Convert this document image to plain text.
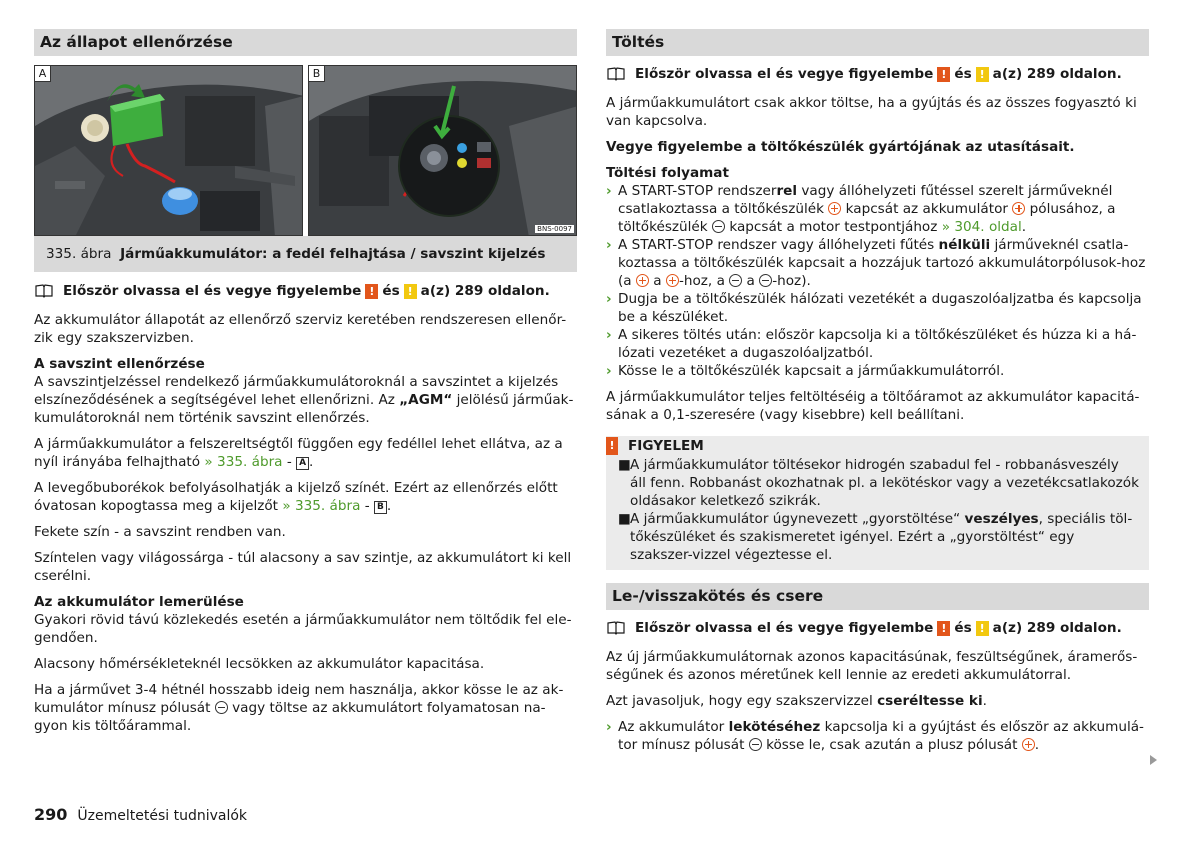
Az állapot ellenőrzése
A	B
BNS-0097
335. ábra Járműakkumulátor: a fedél felhajtása / savszint kijelzés
Először olvassa el és vegye figyelembe ! és ! a(z) 289 oldalon.

Az akkumulátor állapotát az ellenőrző szerviz keretében rendszeresen ellenőr-zik egy szakszervizben.

A savszint ellenőrzése

A savszintjelzéssel rendelkező járműakkumulátoroknál a savszintet a kijelzés elszíneződésének a segítségével lehet ellenőrizni. Az „AGM“ jelölésű járműak-kumulátoroknál nem történik savszint ellenőrzés.

A járműakkumulátor a felszereltségtől függően egy fedéllel lehet ellátva, az a nyíl irányába felhajtható » 335. ábra - A .

A levegőbuborékok befolyásolhatják a kijelző színét. Ezért az ellenőrzés előtt óvatosan kopogtassa meg a kijelzőt » 335. ábra - B .

Fekete szín - a savszint rendben van.

Színtelen vagy világossárga - túl alacsony a sav szintje, az akkumulátort ki kell cserélni.

Az akkumulátor lemerülése

Gyakori rövid távú közlekedés esetén a járműakkumulátor nem töltődik fel ele-gendően.

Alacsony hőmérsékleteknél lecsökken az akkumulátor kapacitása.

Ha a járművet 3-4 hétnél hosszabb ideig nem használja, akkor kösse le az ak-kumulátor mínusz pólusát  vagy töltse az akkumulátort folyamatosan na-gyon kis töltőárammal.

Töltés
Először olvassa el és vegye figyelembe ! és ! a(z) 289 oldalon.

A járműakkumulátort csak akkor töltse, ha a gyújtás és az összes fogyasztó ki van kapcsolva.

Vegye figyelembe a töltőkészülék gyártójának az utasításait.

Töltési folyamat
› A START-STOP rendszerrel vagy állóhelyzeti fűtéssel szerelt járműveknél csatlakoztassa a töltőkészülék  kapcsát az akkumulátor  pólusához, a töltőkészülék  kapcsát a motor testpontjához » 304. oldal.
› A START-STOP rendszer vagy állóhelyzeti fűtés nélküli járműveknél csatla-koztassa a töltőkészülék kapcsait a hozzájuk tartozó akkumulátorpólusok-hoz (a  a -hoz, a  a -hoz).
› Dugja be a töltőkészülék hálózati vezetékét a dugaszolóaljzatba és kapcsolja be a készüléket.
› A sikeres töltés után: először kapcsolja ki a töltőkészüléket és húzza ki a há-lózati vezetéket a dugaszolóaljzatból.
› Kösse le a töltőkészülék kapcsait a járműakkumulátorról.

A járműakkumulátor teljes feltöltéséig a töltőáramot az akkumulátor kapacitá-sának a 0,1-szeresére (vagy kisebbre) kell beállítani.

! FIGYELEM
■ A járműakkumulátor töltésekor hidrogén szabadul fel - robbanásveszély áll fenn. Robbanást okozhatnak pl. a lekötéskor vagy a vezetékcsatlakozók oldásakor keletkező szikrák.
■ A járműakkumulátor úgynevezett „gyorstöltése“ veszélyes, speciális töl-tőkészüléket és szakismeretet igényel. Ezért a „gyorstöltést“ egy szakszer-vizzel végeztesse el.
Le-/visszakötés és csere
Először olvassa el és vegye figyelembe ! és ! a(z) 289 oldalon.

Az új járműakkumulátornak azonos kapacitásúnak, feszültségűnek, áramerős-ségűnek és azonos méretűnek kell lennie az eredeti akkumulátorral.

Azt javasoljuk, hogy egy szakszervizzel cseréltesse ki.

› Az akkumulátor lekötéséhez kapcsolja ki a gyújtást és először az akkumulá-tor mínusz pólusát  kösse le, csak azután a plusz pólusát .
290 Üzemeltetési tudnivalók
